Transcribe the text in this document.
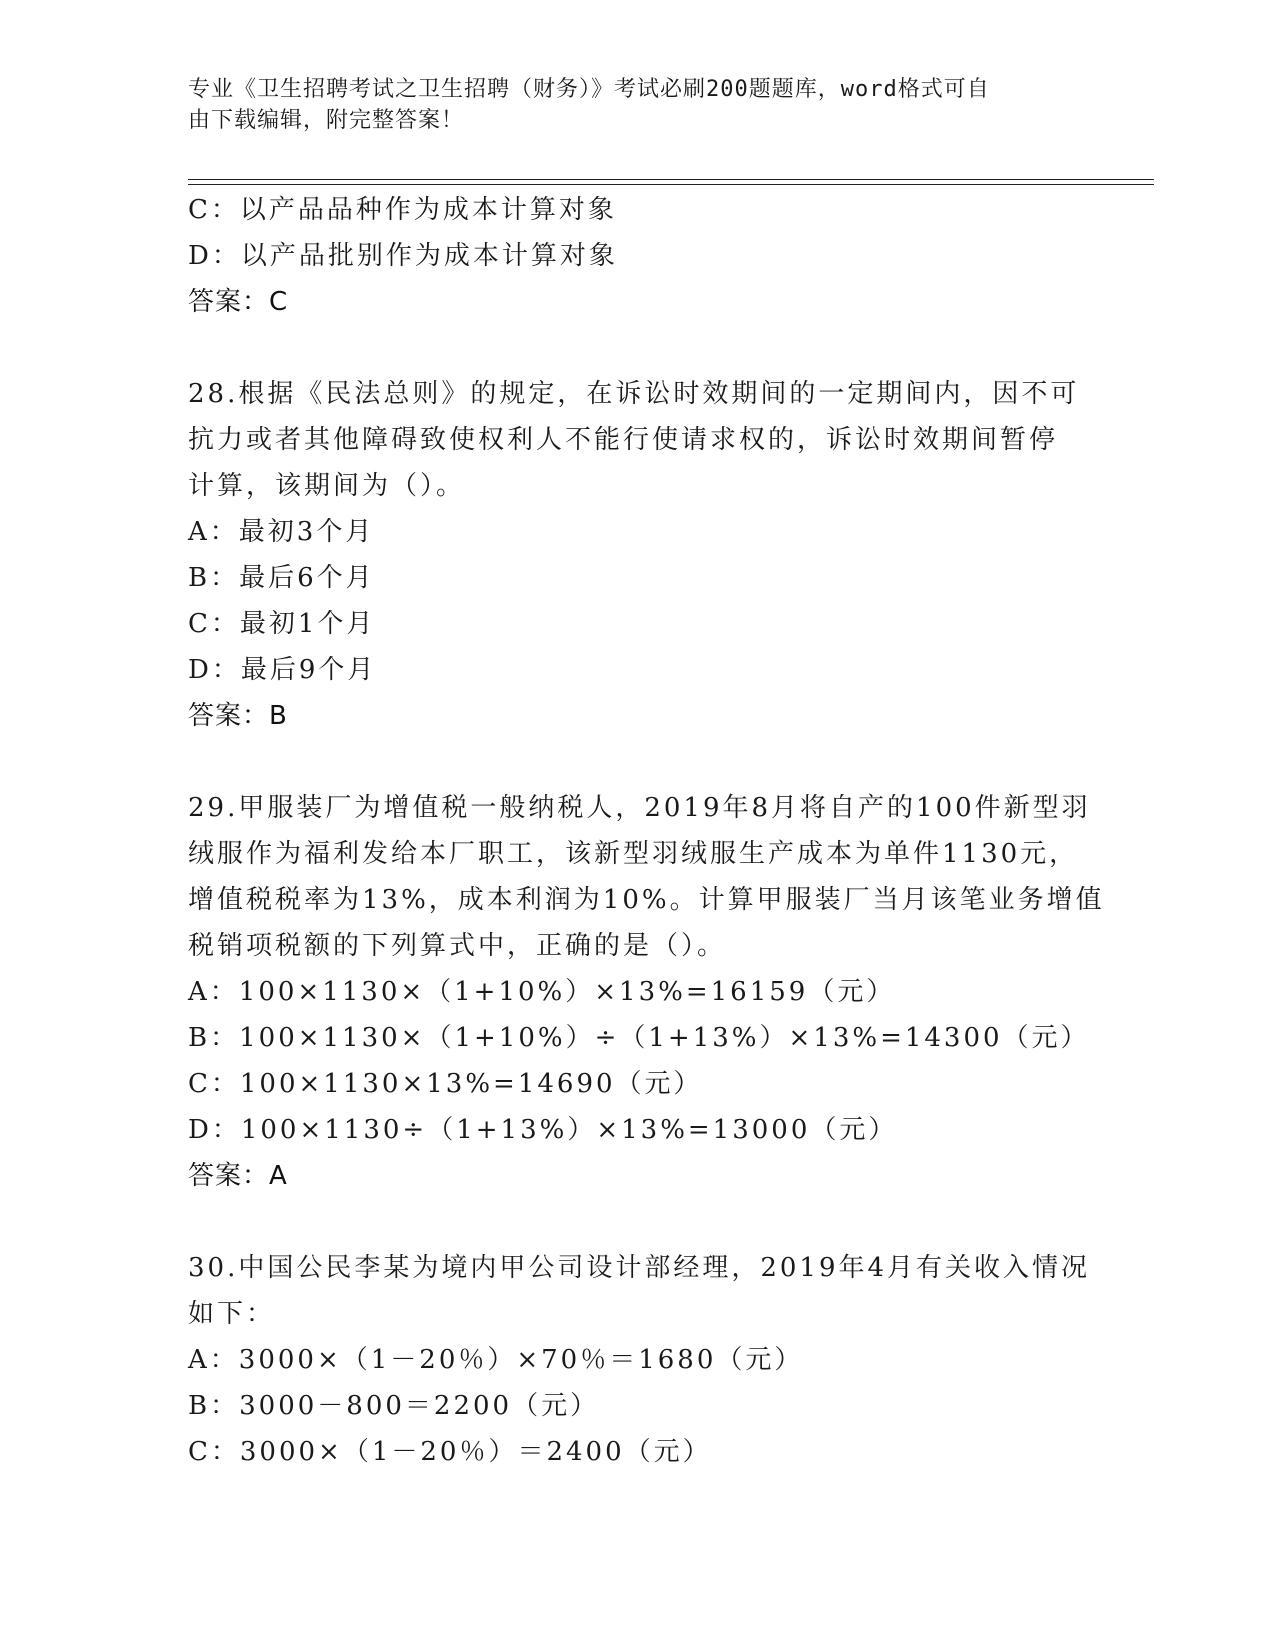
专业《卫生招聘考试之卫生招聘（财务）》考试必刷200题题库，word格式可自
由下载编辑，附完整答案！
C：以产品品种作为成本计算对象
D：以产品批别作为成本计算对象
答案：C
28.根据《民法总则》的规定，在诉讼时效期间的一定期间内，因不可
抗力或者其他障碍致使权利人不能行使请求权的，诉讼时效期间暂停
计算，该期间为（）。
A：最初3个月
B：最后6个月
C：最初1个月
D：最后9个月
答案：B
29.甲服装厂为增值税一般纳税人，2019年8月将自产的100件新型羽
绒服作为福利发给本厂职工，该新型羽绒服生产成本为单件1130元，
增值税税率为13%，成本利润为10%。计算甲服装厂当月该笔业务增值
税销项税额的下列算式中，正确的是（）。
A：100×1130×（1+10%）×13%=16159（元）
B：100×1130×（1+10%）÷（1+13%）×13%=14300（元）
C：100×1130×13%=14690（元）
D：100×1130÷（1+13%）×13%=13000（元）
答案：A
30.中国公民李某为境内甲公司设计部经理，2019年4月有关收入情况
如下：
A：3000×（1－20％）×70％＝1680（元）
B：3000－800＝2200（元）
C：3000×（1－20％）＝2400（元）
